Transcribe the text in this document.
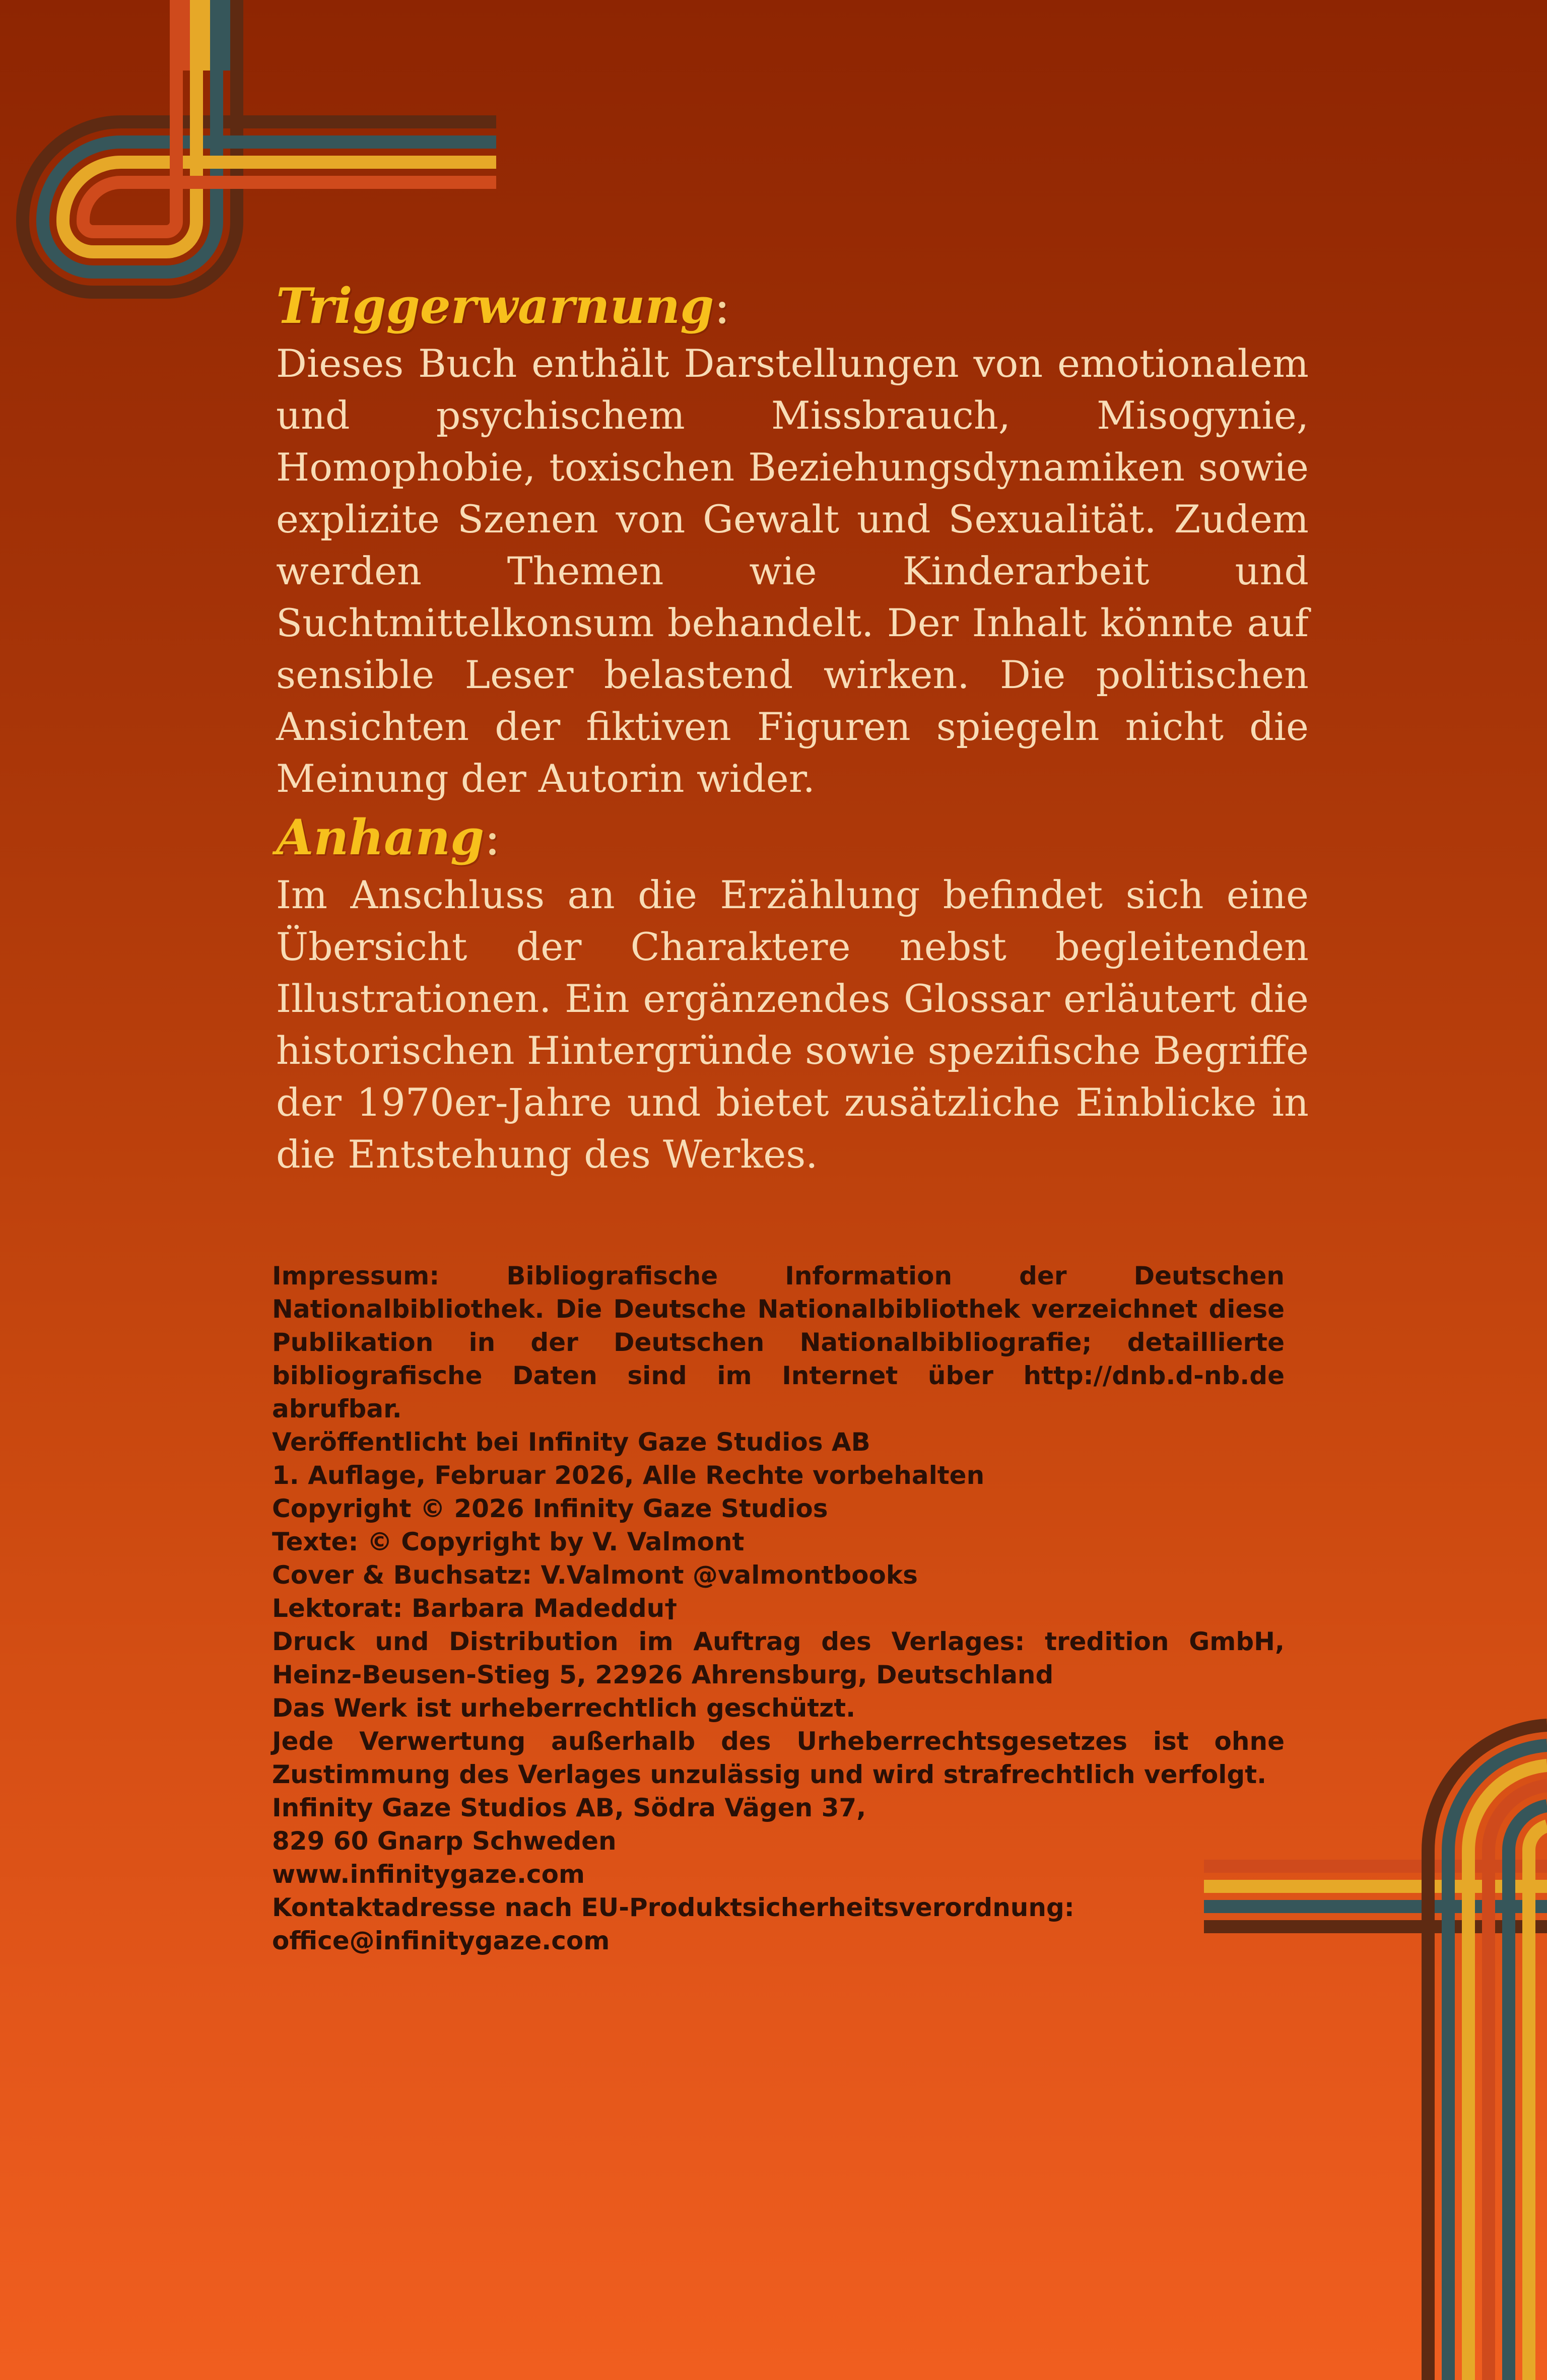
Triggerwarnung:

Dieses Buch enthält Darstellungen von emotionalem und psychischem Missbrauch, Misogynie, Homophobie, toxischen Beziehungsdynamiken sowie explizite Szenen von Gewalt und Sexualität. Zudem werden Themen wie Kinderarbeit und Suchtmittelkonsum behandelt. Der Inhalt könnte auf sensible Leser belastend wirken. Die politischen Ansichten der fiktiven Figuren spiegeln nicht die Meinung der Autorin wider.

Anhang:

Im Anschluss an die Erzählung befindet sich eine Übersicht der Charaktere nebst begleitenden Illustrationen. Ein ergänzendes Glossar erläutert die historischen Hintergründe sowie spezifische Begriffe der 1970er-Jahre und bietet zusätzliche Einblicke in die Entstehung des Werkes.

Impressum: Bibliografische Information der Deutschen Nationalbibliothek. Die Deutsche Nationalbibliothek verzeichnet diese Publikation in der Deutschen Nationalbibliografie; detaillierte bibliografische Daten sind im Internet über http://dnb.d-nb.de abrufbar.
Veröffentlicht bei Infinity Gaze Studios AB
1. Auflage, Februar 2026, Alle Rechte vorbehalten
Copyright © 2026 Infinity Gaze Studios
Texte: © Copyright by V. Valmont
Cover & Buchsatz: V.Valmont @valmontbooks
Lektorat: Barbara Madeddu†
Druck und Distribution im Auftrag des Verlages: tredition GmbH, Heinz-Beusen-Stieg 5, 22926 Ahrensburg, Deutschland
Das Werk ist urheberrechtlich geschützt.
Jede Verwertung außerhalb des Urheberrechtsgesetzes ist ohne Zustimmung des Verlages unzulässig und wird strafrechtlich verfolgt.
Infinity Gaze Studios AB, Södra Vägen 37,
829 60 Gnarp Schweden
www.infinitygaze.com
Kontaktadresse nach EU-Produktsicherheitsverordnung:
office@infinitygaze.com
